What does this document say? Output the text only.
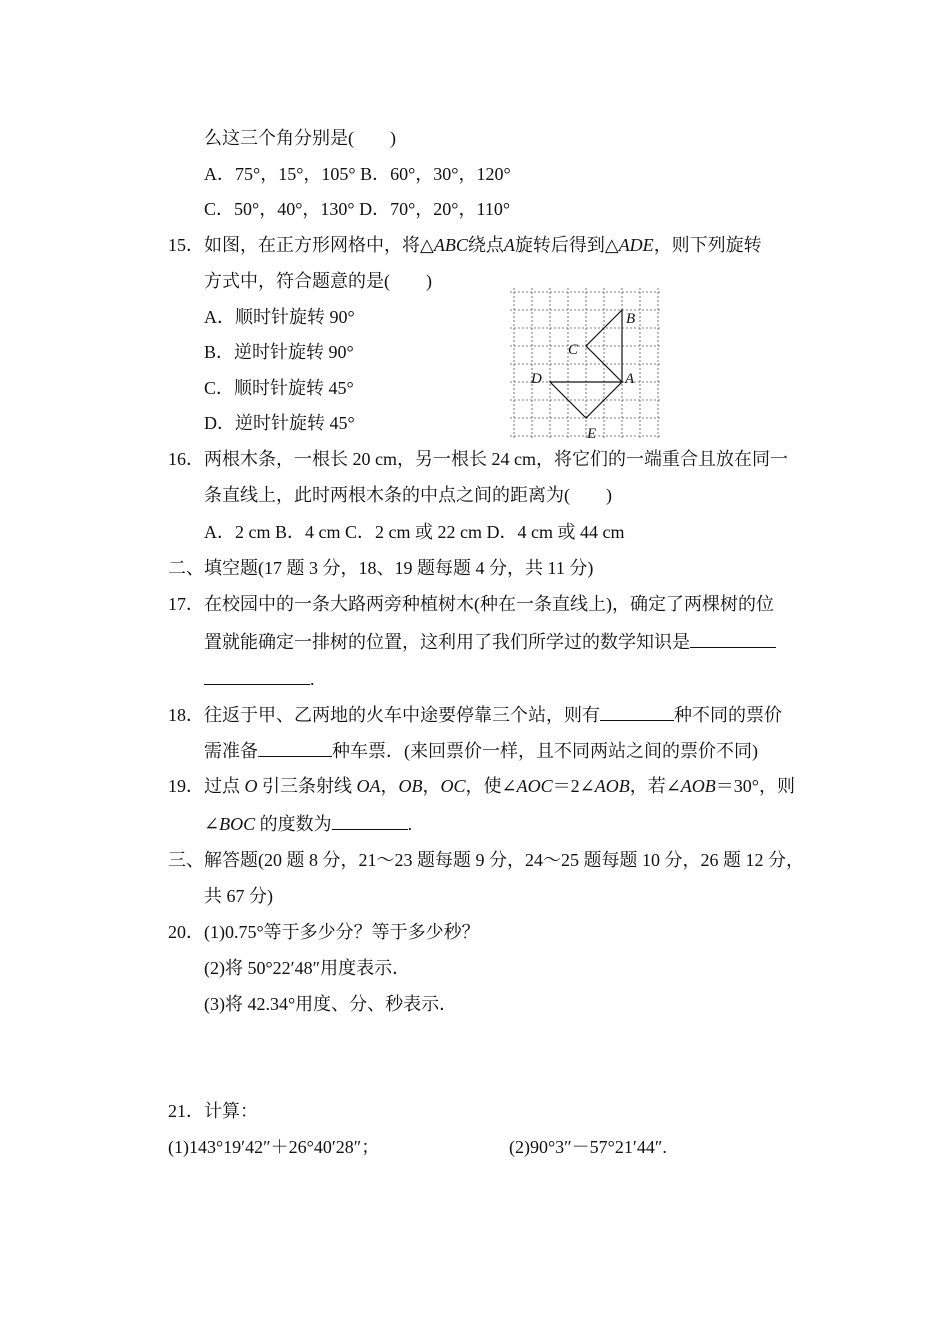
么这三个角分别是(　　)
A．75°，15°，105° B．60°，30°，120°
C．50°，40°，130° D．70°，20°，110°
15．如图，在正方形网格中，将△ABC绕点A旋转后得到△ADE，则下列旋转
方式中，符合题意的是(　　)
A．顺时针旋转 90°
B．逆时针旋转 90°
C．顺时针旋转 45°
D．逆时针旋转 45°
B
C
D	A
E
16．两根木条，一根长 20 cm，另一根长 24 cm，将它们的一端重合且放在同一
条直线上，此时两根木条的中点之间的距离为(　　)
A．2 cm B．4 cm C．2 cm 或 22 cm D．4 cm 或 44 cm
二、填空题(17 题 3 分，18、19 题每题 4 分，共 11 分)
17．在校园中的一条大路两旁种植树木(种在一条直线上)，确定了两棵树的位
置就能确定一排树的位置，这利用了我们所学过的数学知识是
.
18．往返于甲、乙两地的火车中途要停靠三个站，则有	种不同的票价
需准备	种车票．(来回票价一样，且不同两站之间的票价不同)
19．过点 O 引三条射线 OA，OB，OC，使∠AOC＝2∠AOB，若∠AOB＝30°，则
∠BOC 的度数为	.
三、解答题(20 题 8 分，21～23 题每题 9 分，24～25 题每题 10 分，26 题 12 分，
共 67 分)
20．(1)0.75°等于多少分？等于多少秒？
(2)将 50°22′48″用度表示．
(3)将 42.34°用度、分、秒表示．
21．计算：
(1)143°19′42″＋26°40′28″；	(2)90°3″－57°21′44″.
